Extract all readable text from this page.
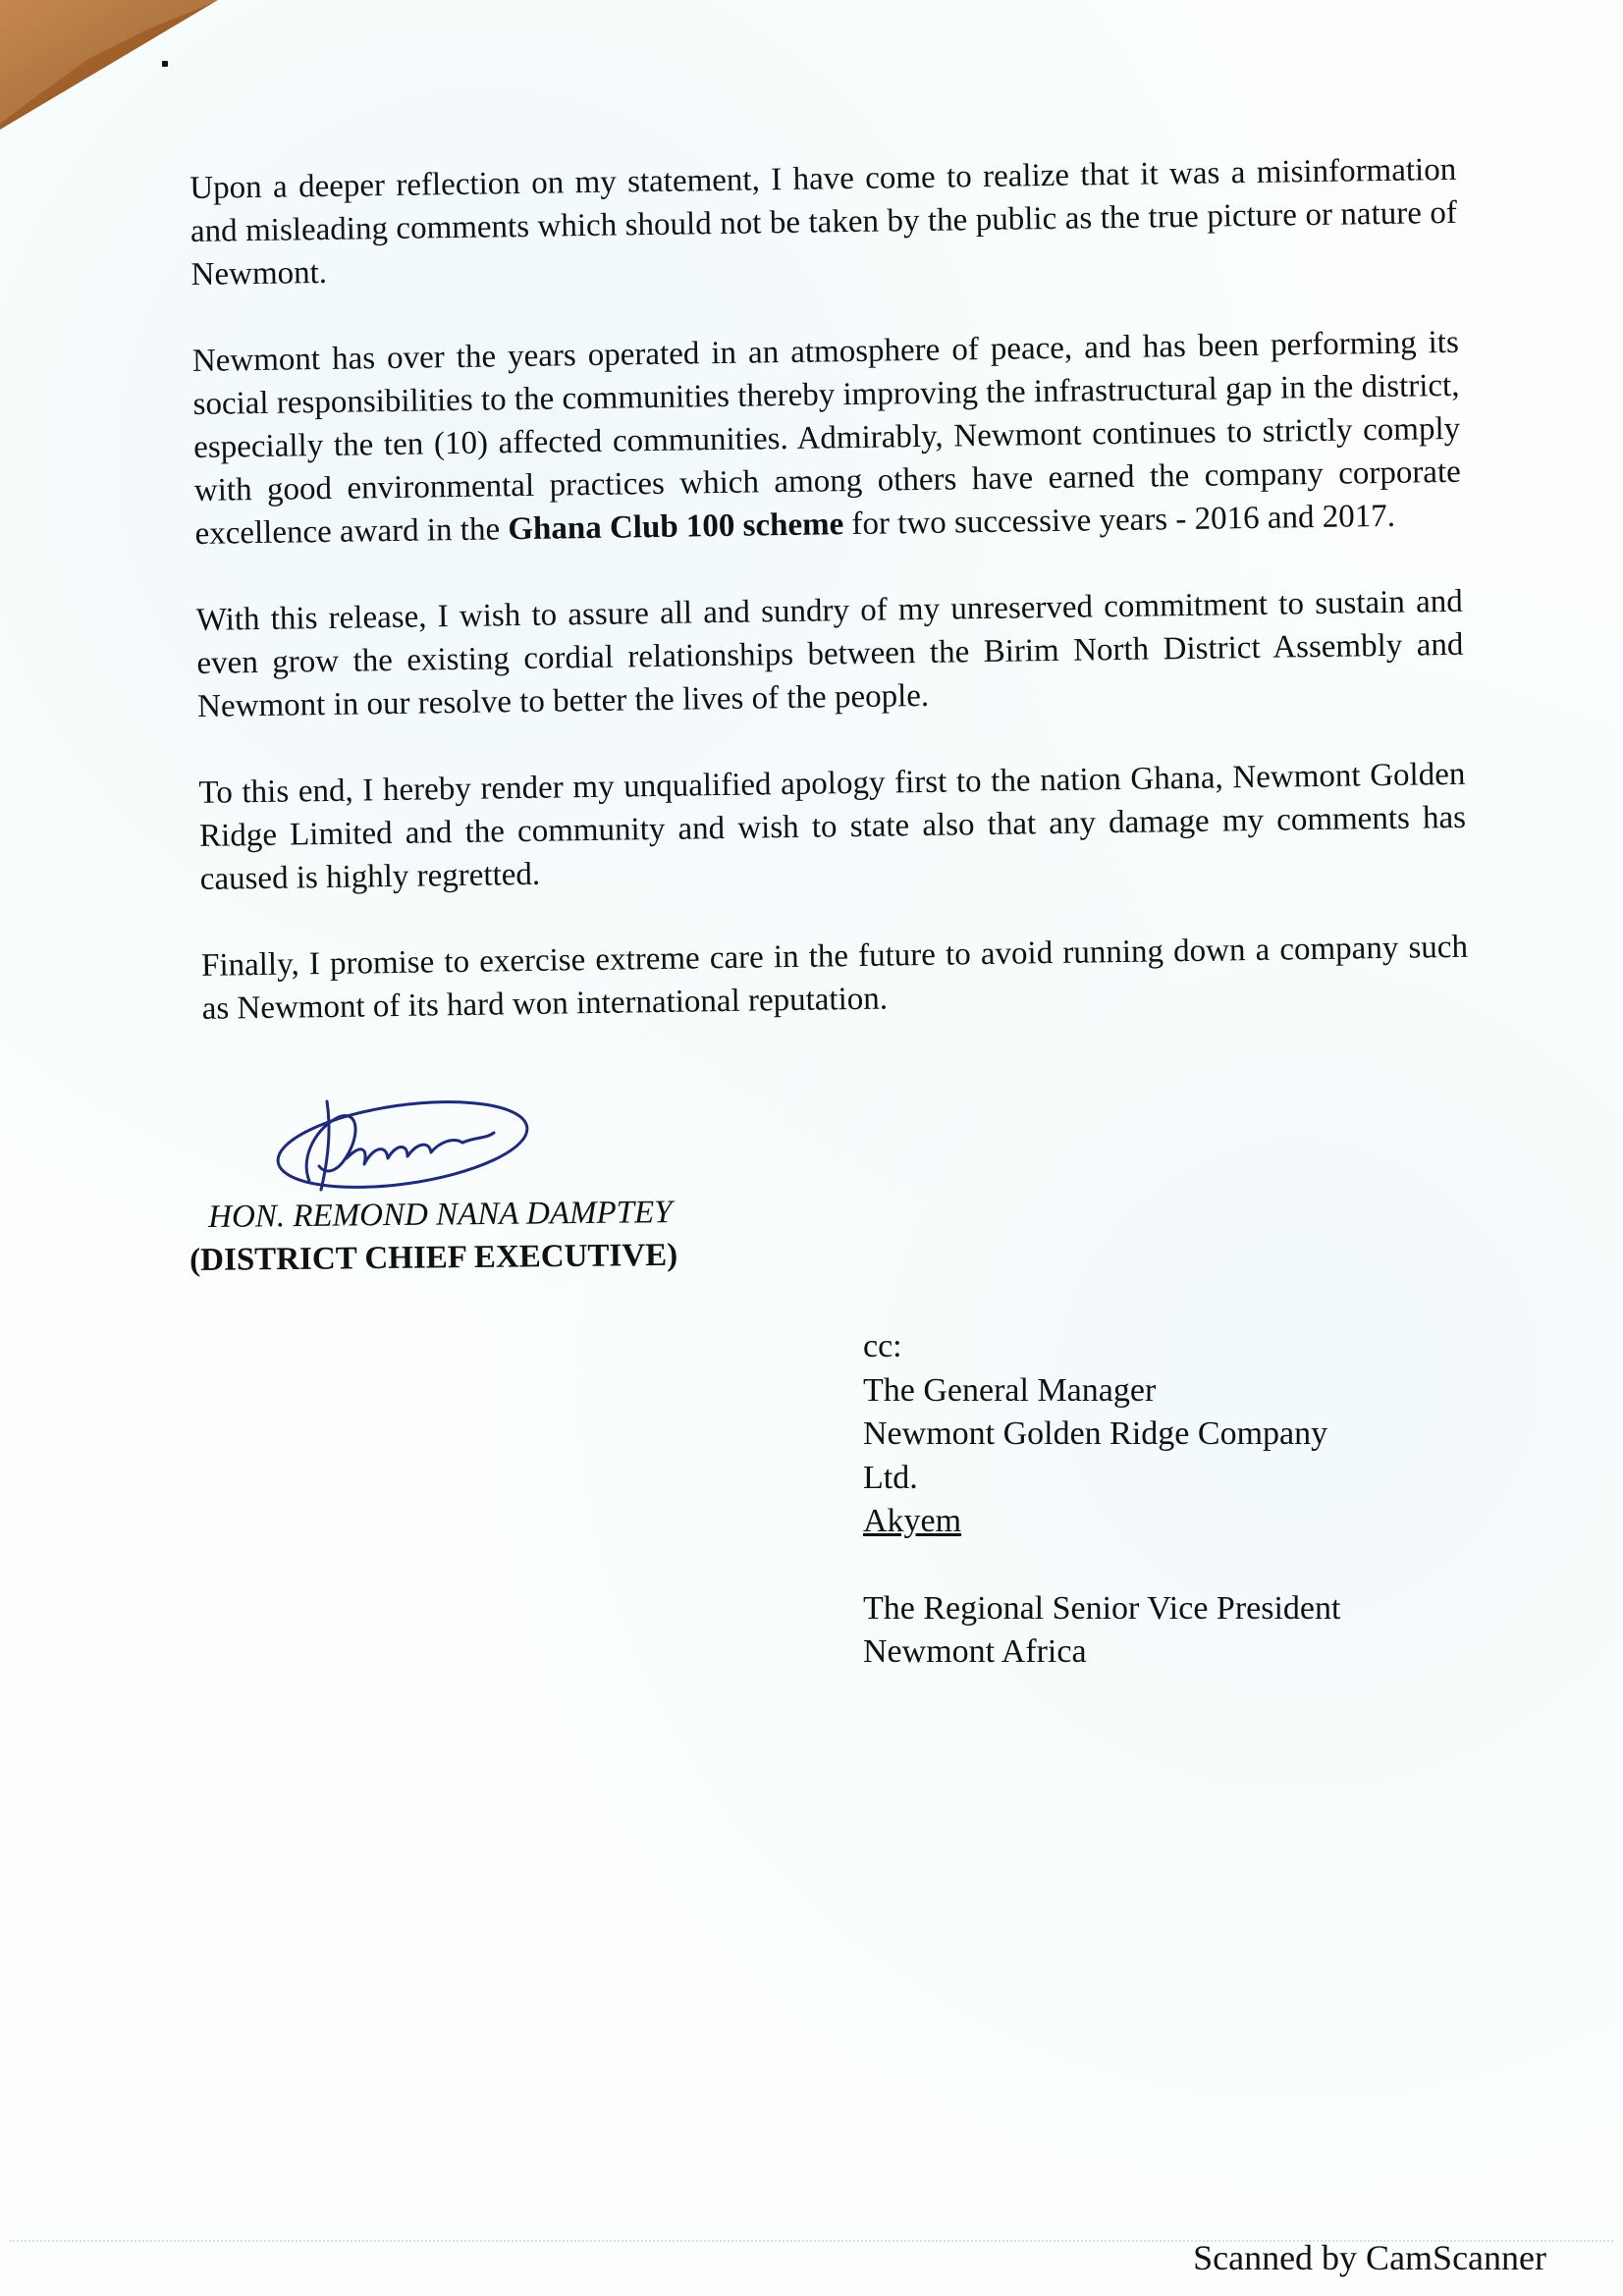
Upon a deeper reflection on my statement, I have come to realize that it was a misinformation and misleading comments which should not be taken by the public as the true picture or nature of Newmont.

Newmont has over the years operated in an atmosphere of peace, and has been performing its social responsibilities to the communities thereby improving the infrastructural gap in the district, especially the ten (10) affected communities. Admirably, Newmont continues to strictly comply with good environmental practices which among others have earned the company corporate excellence award in the Ghana Club 100 scheme for two successive years - 2016 and 2017.

With this release, I wish to assure all and sundry of my unreserved commitment to sustain and even grow the existing cordial relationships between the Birim North District Assembly and Newmont in our resolve to better the lives of the people.

To this end, I hereby render my unqualified apology first to the nation Ghana, Newmont Golden Ridge Limited and the community and wish to state also that any damage my comments has caused is highly regretted.

Finally, I promise to exercise extreme care in the future to avoid running down a company such as Newmont of its hard won international reputation.

HON. REMOND NANA DAMPTEY
(DISTRICT CHIEF EXECUTIVE)

cc:

The General Manager

Newmont Golden Ridge Company

Ltd.

Akyem

The Regional Senior Vice President

Newmont Africa

Scanned by CamScanner
